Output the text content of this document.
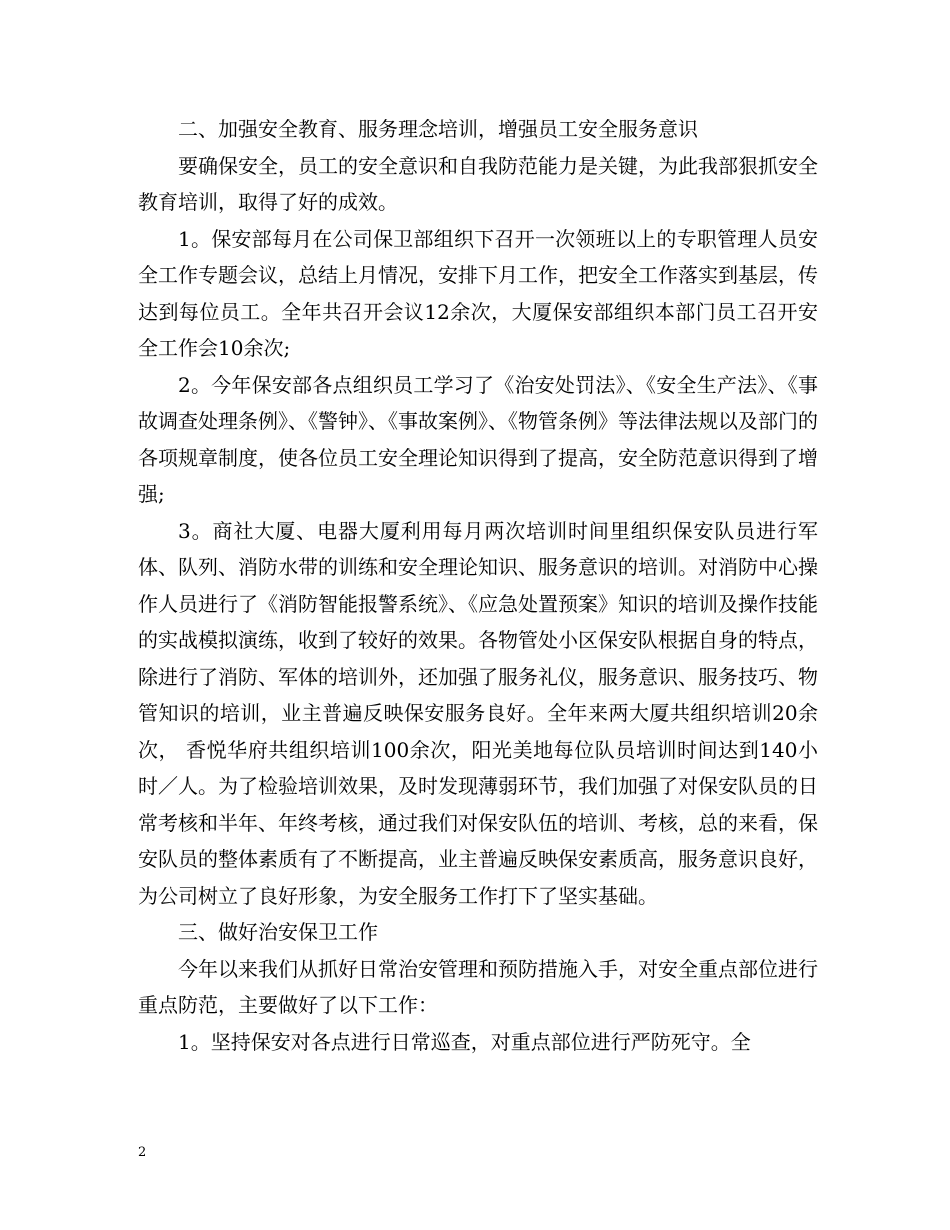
二、加强安全教育、服务理念培训，增强员工安全服务意识

要确保安全，员工的安全意识和自我防范能力是关键，为此我部狠抓安全教育培训，取得了好的成效。

1。保安部每月在公司保卫部组织下召开一次领班以上的专职管理人员安全工作专题会议，总结上月情况，安排下月工作，把安全工作落实到基层，传达到每位员工。全年共召开会议12余次，大厦保安部组织本部门员工召开安全工作会10余次;

2。今年保安部各点组织员工学习了《治安处罚法》、《安全生产法》、《事故调查处理条例》、《警钟》、《事故案例》、《物管条例》等法律法规以及部门的各项规章制度，使各位员工安全理论知识得到了提高，安全防范意识得到了增强;

3。商社大厦、电器大厦利用每月两次培训时间里组织保安队员进行军体、队列、消防水带的训练和安全理论知识、服务意识的培训。对消防中心操作人员进行了《消防智能报警系统》、《应急处置预案》知识的培训及操作技能的实战模拟演练，收到了较好的效果。各物管处小区保安队根据自身的特点，除进行了消防、军体的培训外，还加强了服务礼仪，服务意识、服务技巧、物管知识的培训，业主普遍反映保安服务良好。全年来两大厦共组织培训20余次， 香悦华府共组织培训100余次，阳光美地每位队员培训时间达到140小时／人。为了检验培训效果，及时发现薄弱环节，我们加强了对保安队员的日常考核和半年、年终考核，通过我们对保安队伍的培训、考核，总的来看，保安队员的整体素质有了不断提高，业主普遍反映保安素质高，服务意识良好，为公司树立了良好形象，为安全服务工作打下了坚实基础。

三、做好治安保卫工作

今年以来我们从抓好日常治安管理和预防措施入手，对安全重点部位进行重点防范，主要做好了以下工作：

1。坚持保安对各点进行日常巡查，对重点部位进行严防死守。全

2
